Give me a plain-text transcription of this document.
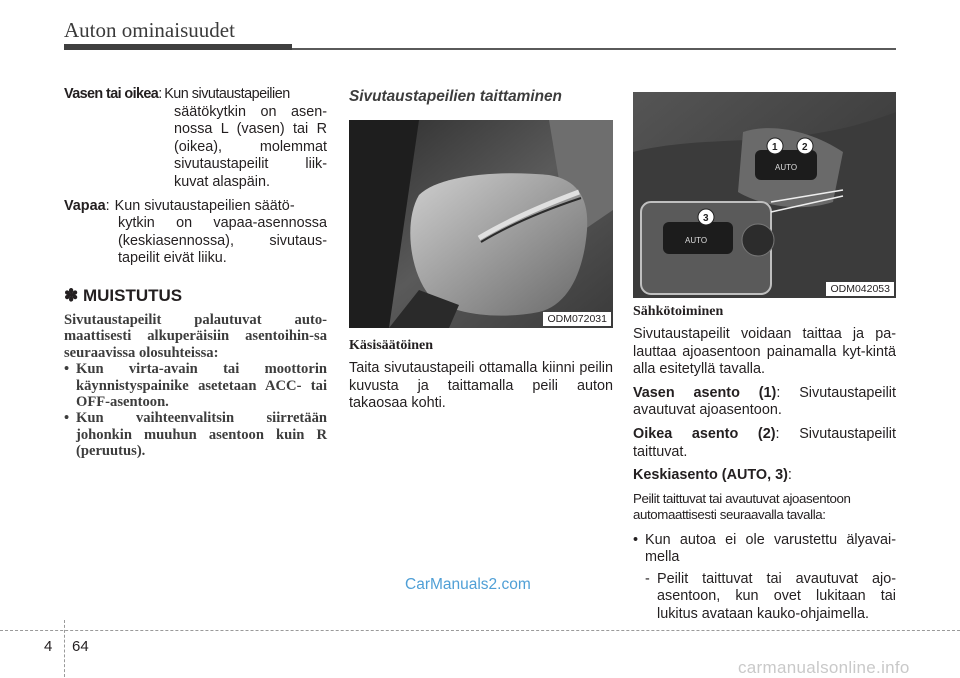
Auton ominaisuudet
Vasen tai oikea: Kun sivutaustapeilien
säätökytkin on asen-nossa L (vasen) tai R (oikea), molemmat sivutaustapeilit liik-kuvat alaspäin.
Vapaa: Kun sivutaustapeilien säätö-
kytkin on vapaa-asennossa (keskiasennossa), sivutaus-tapeilit eivät liiku.
✽ MUISTUTUS

Sivutaustapeilit palautuvat auto-maattisesti alkuperäisiin asentoihin-sa seuraavissa olosuhteissa:

• Kun virta-avain tai moottorin käynnistyspainike asetetaan ACC- tai OFF-asentoon.
• Kun vaihteenvalitsin siirretään johonkin muuhun asentoon kuin R (peruutus).

Sivutaustapeilien taittaminen

ODM072031

Käsisäätöinen

Taita sivutaustapeili ottamalla kiinni peilin kuvusta ja taittamalla peili auton takaosaa kohti.

AUTO
AUTO
1 2
3
ODM042053

Sähkötoiminen

Sivutaustapeilit voidaan taittaa ja pa-lauttaa ajoasentoon painamalla kyt-kintä alla esitetyllä tavalla.

Vasen asento (1): Sivutaustapeilit avautuvat ajoasentoon.

Oikea asento (2): Sivutaustapeilit taittuvat.

Keskiasento (AUTO, 3):

Peilit taittuvat tai avautuvat ajoasentoon automaattisesti seuraavalla tavalla:

• Kun autoa ei ole varustettu älyavai-mella
- Peilit taittuvat tai avautuvat ajo-asentoon, kun ovet lukitaan tai lukitus avataan kauko-ohjaimella.
4 64
CarManuals2.com
carmanualsonline.info
